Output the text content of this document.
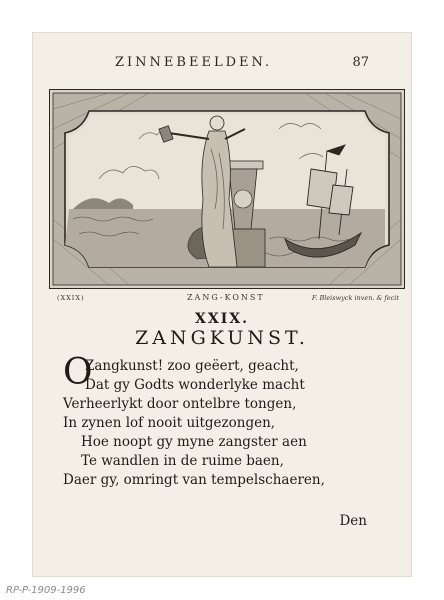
ZINNEBEELDEN.	87
(XXIX)	ZANG-KONST	F. Bleiswyck inven. & fecit
XXIX.
ZANGKUNST.
O
Zangkunst! zoo geëert, geacht,
Dat gy Godts wonderlyke macht
Verheerlykt door ontelbre tongen,
In zynen lof nooit uitgezongen,
Hoe noopt gy myne zangster aen
Te wandlen in de ruime baen,
Daer gy, omringt van tempelschaeren,
Den
RP-P-1909-1996
